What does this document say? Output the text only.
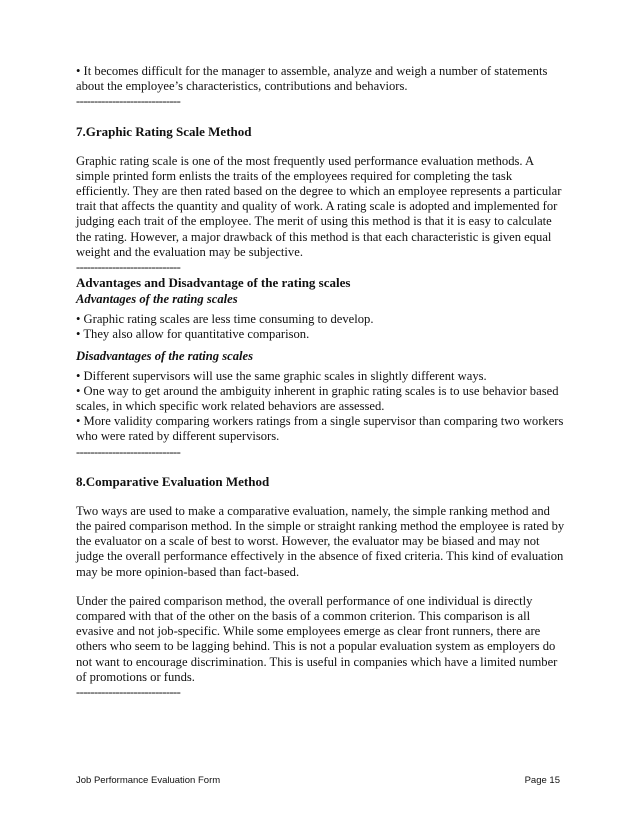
• It becomes difficult for the manager to assemble, analyze and weigh a number of statements about the employee’s characteristics, contributions and behaviors.

-----------------------------

7.Graphic Rating Scale Method

Graphic rating scale is one of the most frequently used performance evaluation methods. A simple printed form enlists the traits of the employees required for completing the task efficiently. They are then rated based on the degree to which an employee represents a particular trait that affects the quantity and quality of work. A rating scale is adopted and implemented for judging each trait of the employee. The merit of using this method is that it is easy to calculate the rating. However, a major drawback of this method is that each characteristic is given equal weight and the evaluation may be subjective.

-----------------------------

Advantages and Disadvantage of the rating scales
Advantages of the rating scales

• Graphic rating scales are less time consuming to develop.

• They also allow for quantitative comparison.

Disadvantages of the rating scales

• Different supervisors will use the same graphic scales in slightly different ways.

• One way to get around the ambiguity inherent in graphic rating scales is to use behavior based scales, in which specific work related behaviors are assessed.

• More validity comparing workers ratings from a single supervisor than comparing two workers who were rated by different supervisors.

-----------------------------

8.Comparative Evaluation Method

Two ways are used to make a comparative evaluation, namely, the simple ranking method and the paired comparison method. In the simple or straight ranking method the employee is rated by the evaluator on a scale of best to worst. However, the evaluator may be biased and may not judge the overall performance effectively in the absence of fixed criteria. This kind of evaluation may be more opinion-based than fact-based.

Under the paired comparison method, the overall performance of one individual is directly compared with that of the other on the basis of a common criterion. This comparison is all evasive and not job-specific. While some employees emerge as clear front runners, there are others who seem to be lagging behind. This is not a popular evaluation system as employers do not want to encourage discrimination. This is useful in companies which have a limited number of promotions or funds.

-----------------------------

Job Performance Evaluation Form	Page 15
